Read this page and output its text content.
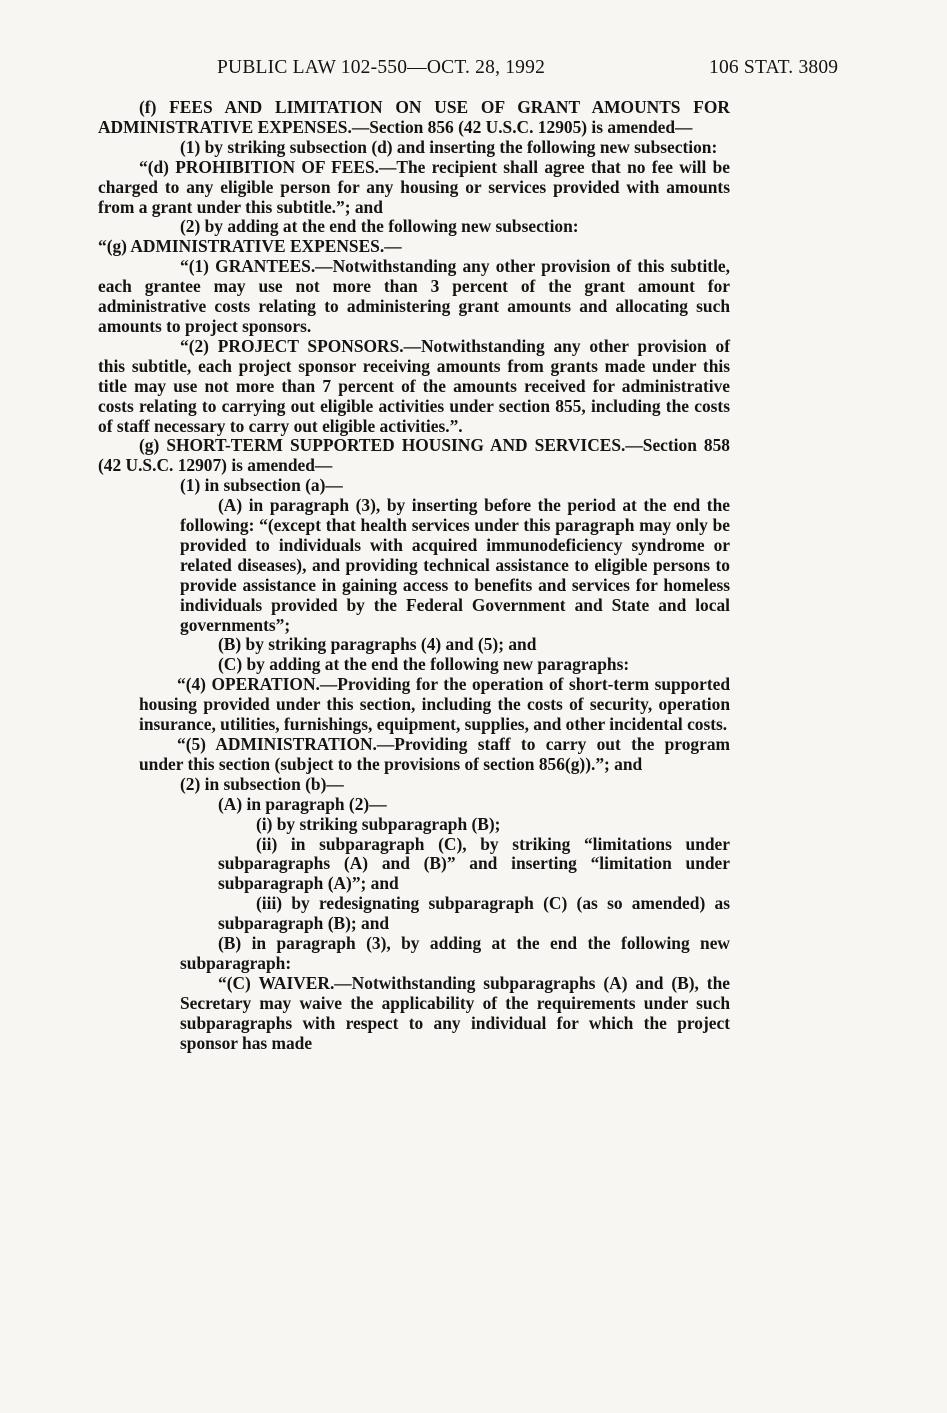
PUBLIC LAW 102-550—OCT. 28, 1992	106 STAT. 3809

(f) FEES AND LIMITATION ON USE OF GRANT AMOUNTS FOR ADMINISTRATIVE EXPENSES.—Section 856 (42 U.S.C. 12905) is amended—

(1) by striking subsection (d) and inserting the following new subsection:

“(d) PROHIBITION OF FEES.—The recipient shall agree that no fee will be charged to any eligible person for any housing or services provided with amounts from a grant under this subtitle.”; and

(2) by adding at the end the following new subsection:

“(g) ADMINISTRATIVE EXPENSES.—

“(1) GRANTEES.—Notwithstanding any other provision of this subtitle, each grantee may use not more than 3 percent of the grant amount for administrative costs relating to administering grant amounts and allocating such amounts to project sponsors.

“(2) PROJECT SPONSORS.—Notwithstanding any other provision of this subtitle, each project sponsor receiving amounts from grants made under this title may use not more than 7 percent of the amounts received for administrative costs relating to carrying out eligible activities under section 855, including the costs of staff necessary to carry out eligible activities.”.

(g) SHORT-TERM SUPPORTED HOUSING AND SERVICES.—Section 858 (42 U.S.C. 12907) is amended—

(1) in subsection (a)—

(A) in paragraph (3), by inserting before the period at the end the following: “(except that health services under this paragraph may only be provided to individuals with acquired immunodeficiency syndrome or related diseases), and providing technical assistance to eligible persons to provide assistance in gaining access to benefits and services for homeless individuals provided by the Federal Government and State and local governments”;

(B) by striking paragraphs (4) and (5); and

(C) by adding at the end the following new paragraphs:

“(4) OPERATION.—Providing for the operation of short-term supported housing provided under this section, including the costs of security, operation insurance, utilities, furnishings, equipment, supplies, and other incidental costs.

“(5) ADMINISTRATION.—Providing staff to carry out the program under this section (subject to the provisions of section 856(g)).”; and

(2) in subsection (b)—

(A) in paragraph (2)—

(i) by striking subparagraph (B);

(ii) in subparagraph (C), by striking “limitations under subparagraphs (A) and (B)” and inserting “limitation under subparagraph (A)”; and

(iii) by redesignating subparagraph (C) (as so amended) as subparagraph (B); and

(B) in paragraph (3), by adding at the end the following new subparagraph:

“(C) WAIVER.—Notwithstanding subparagraphs (A) and (B), the Secretary may waive the applicability of the requirements under such subparagraphs with respect to any individual for which the project sponsor has made
